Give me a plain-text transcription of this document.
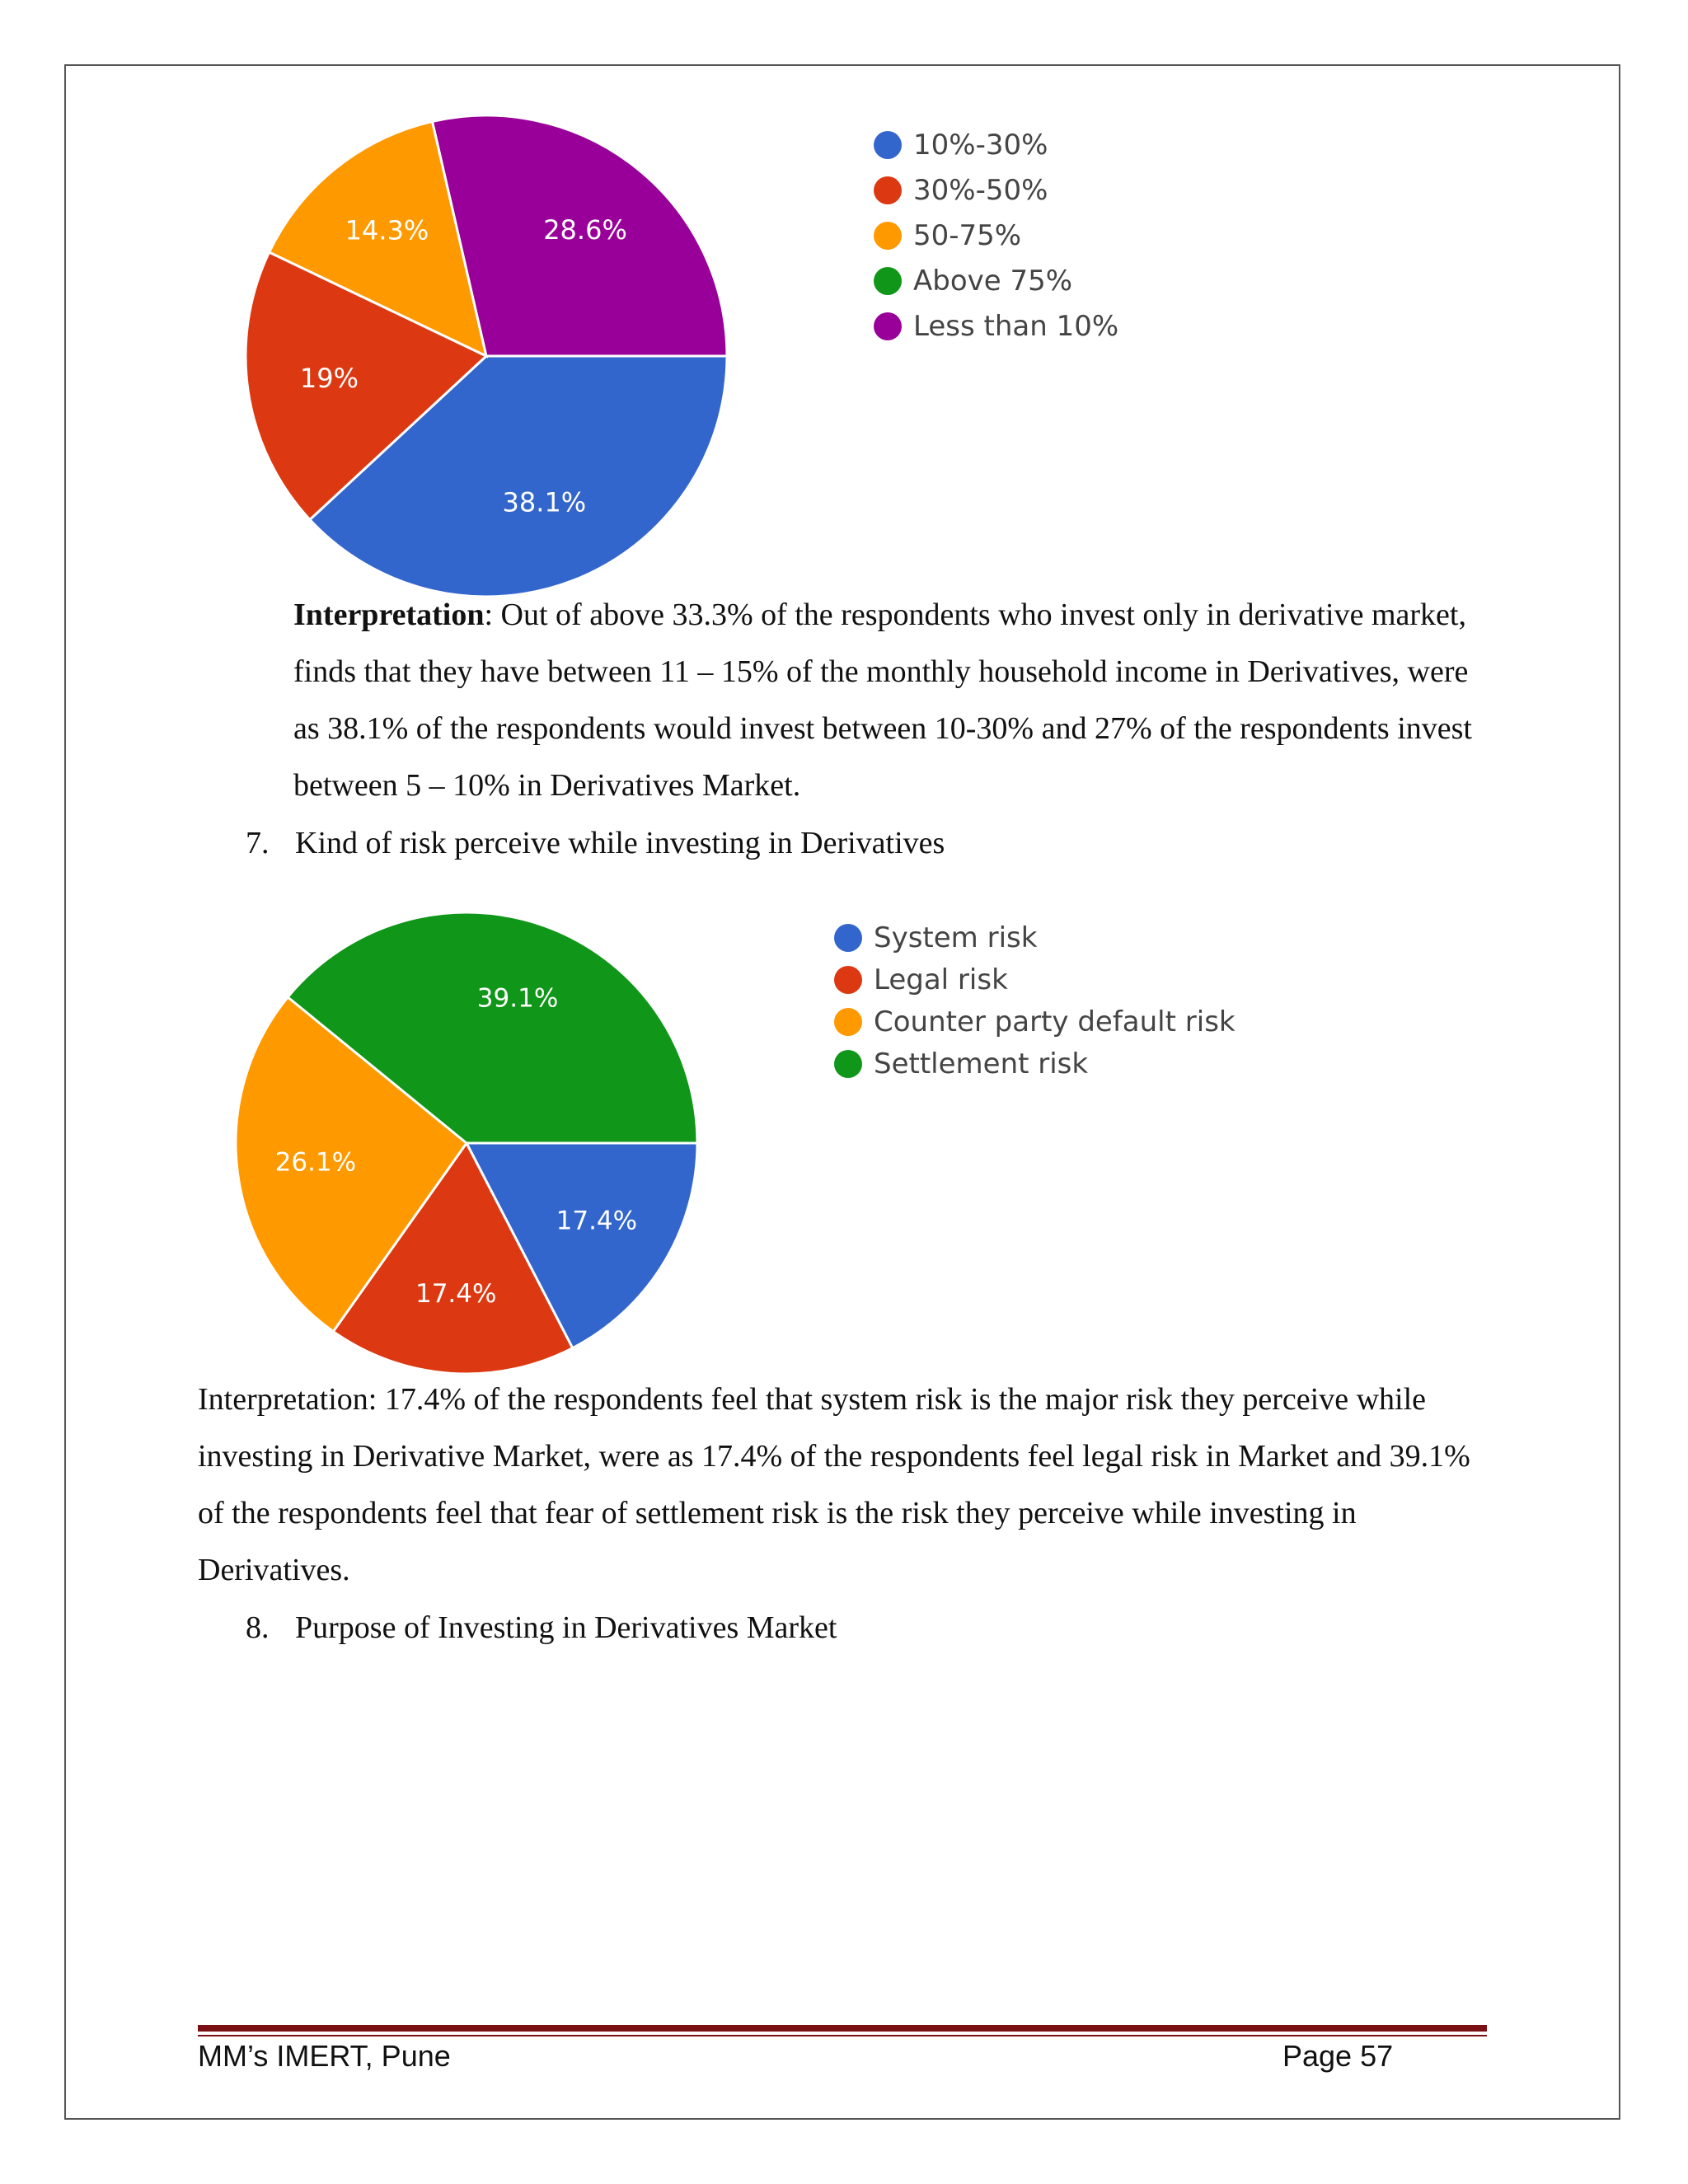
38.1%
19%
14.3%	28.6%
17.4%
17.4%
26.1%
39.1%
10%-30%
30%-50%
50-75%
Above 75%
Less than 10%
System risk
Legal risk
Counter party default risk
Settlement risk

Interpretation: Out of above 33.3% of the respondents who invest only in derivative market, finds that they have between 11 – 15% of the monthly household income in Derivatives, were as 38.1% of the respondents would invest between 10-30% and 27% of the respondents invest between 5 – 10% in Derivatives Market.

7. Kind of risk perceive while investing in Derivatives

Interpretation: 17.4% of the respondents feel that system risk is the major risk they perceive while investing in Derivative Market, were as 17.4% of the respondents feel legal risk in Market and 39.1% of the respondents feel that fear of settlement risk is the risk they perceive while investing in Derivatives.

8. Purpose of Investing in Derivatives Market
MM’s IMERT, Pune	Page 57
